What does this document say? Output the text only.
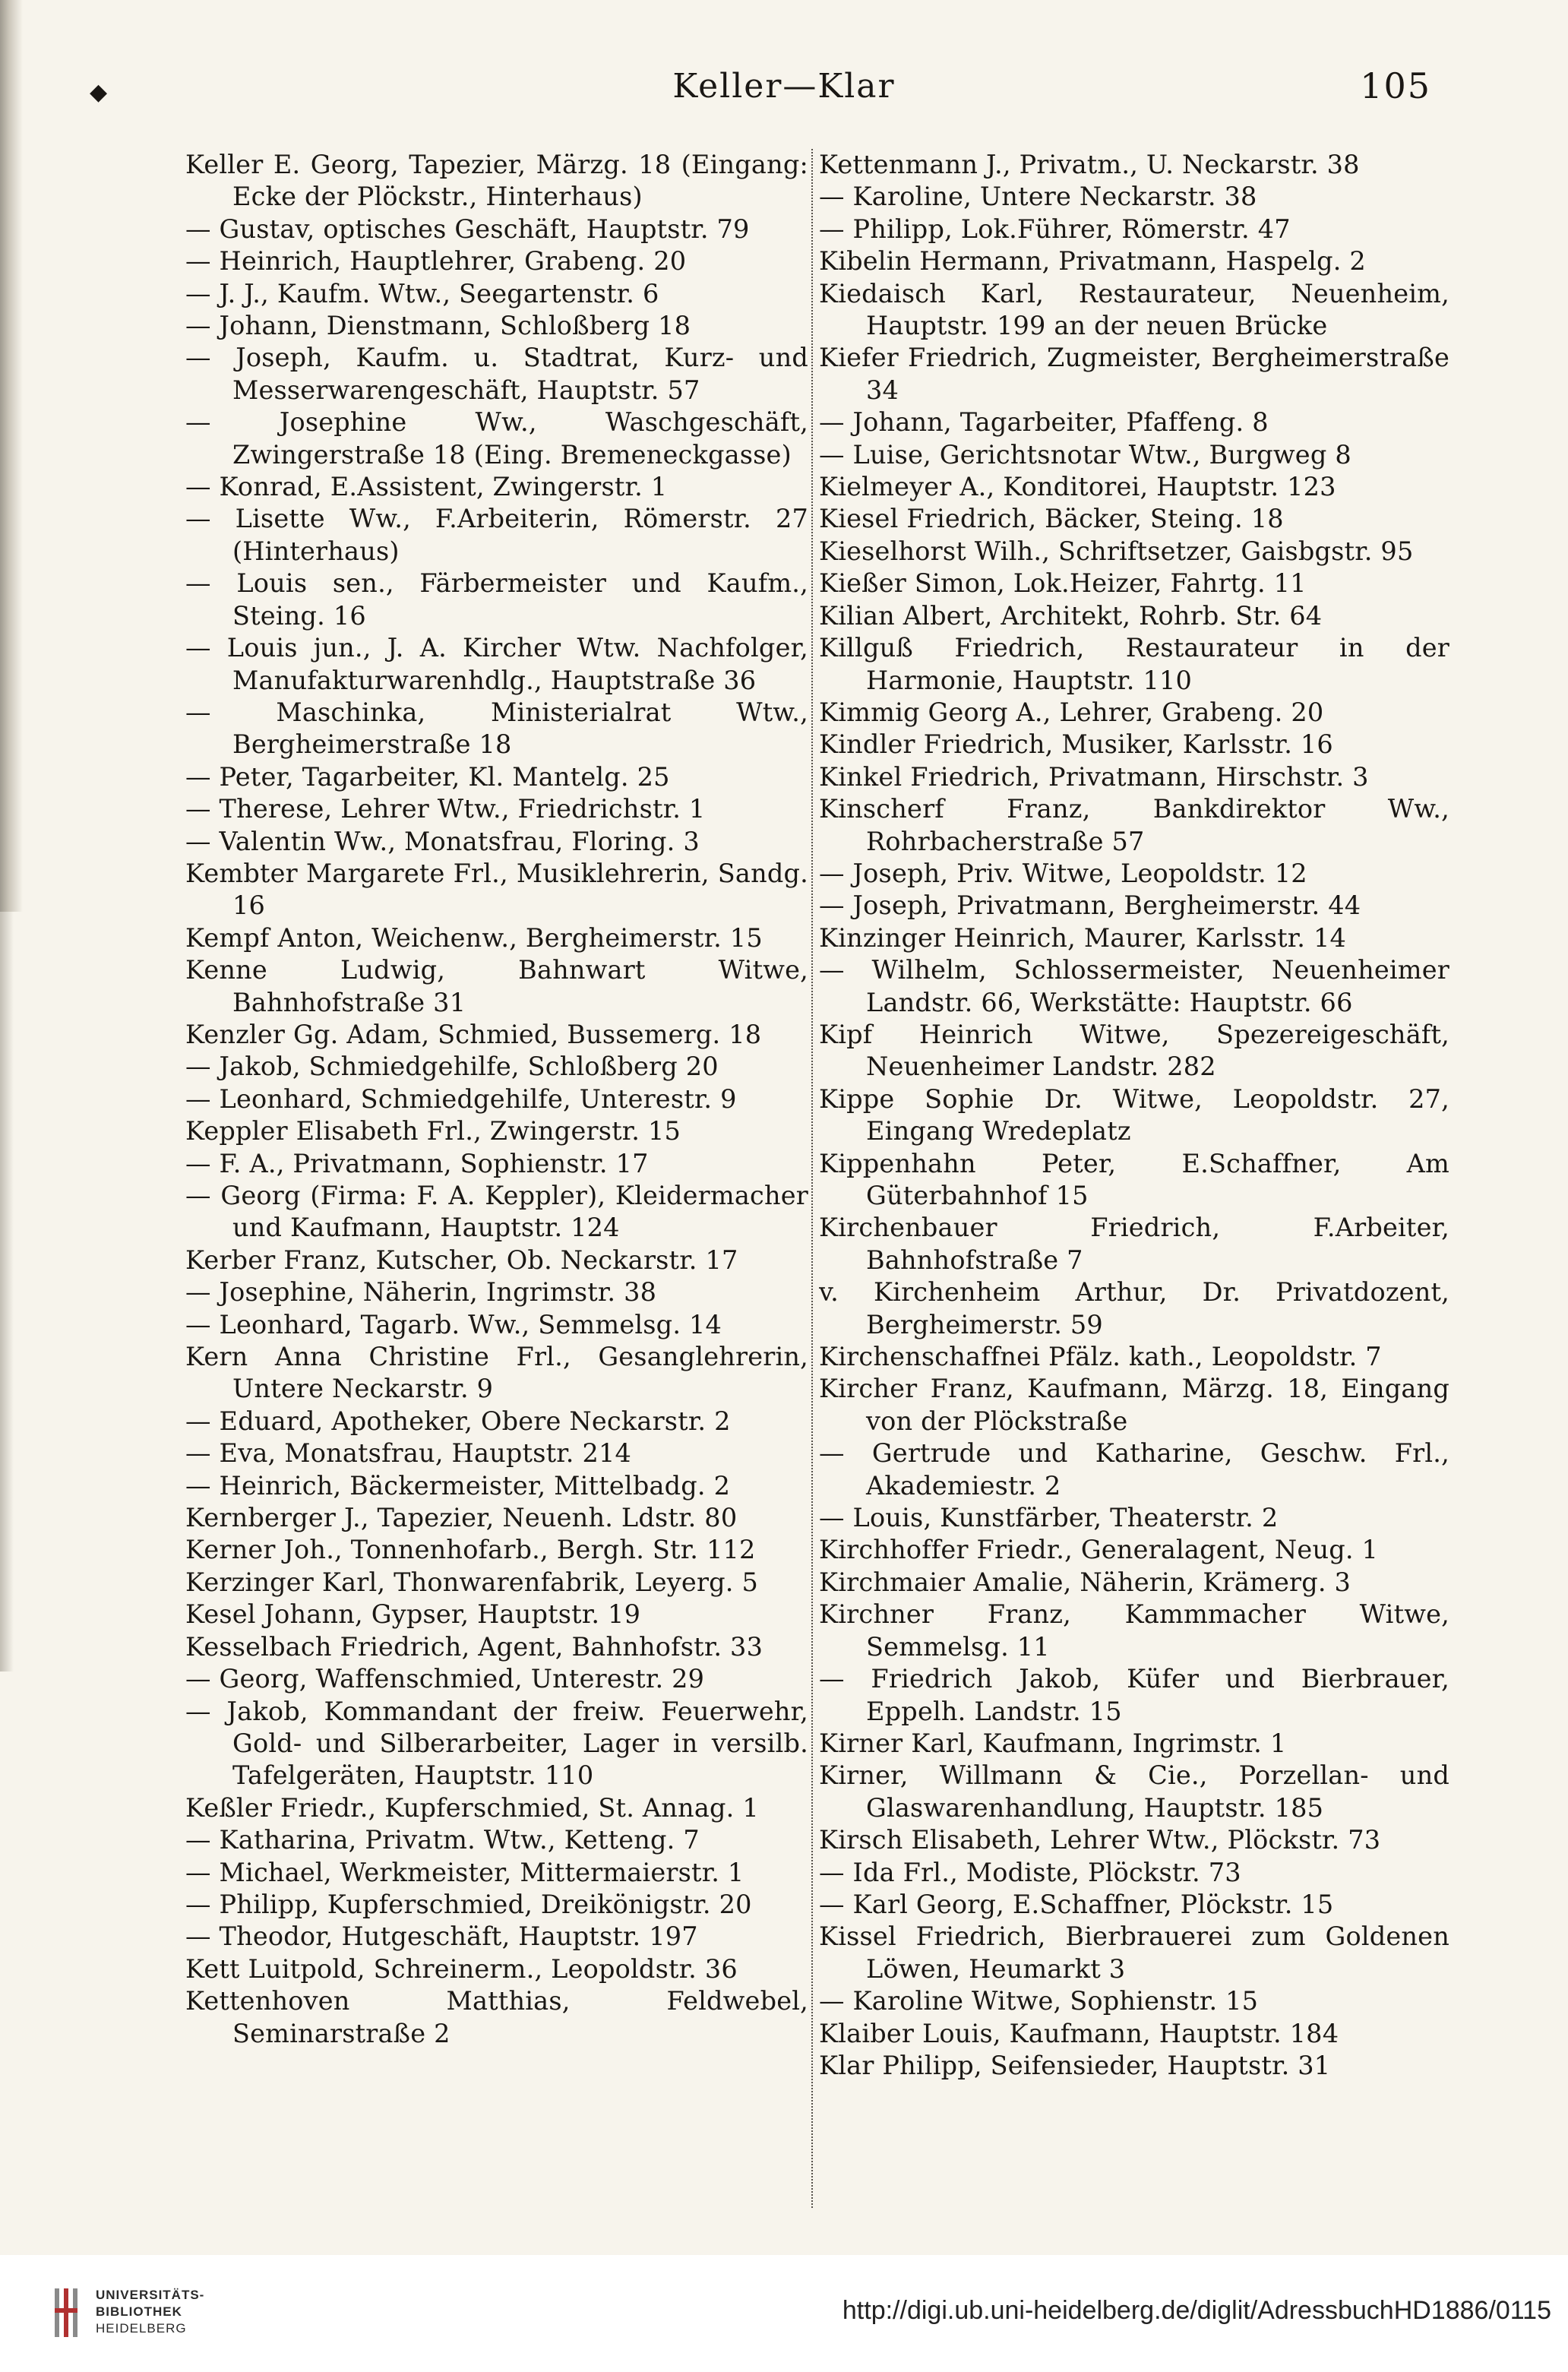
◆	Keller—Klar	105
Keller E. Georg, Tapezier, Märzg. 18 (Eingang: Ecke der Plöckstr., Hinterhaus)
— Gustav, optisches Geschäft, Hauptstr. 79
— Heinrich, Hauptlehrer, Grabeng. 20
— J. J., Kaufm. Wtw., Seegartenstr. 6
— Johann, Dienstmann, Schloßberg 18
— Joseph, Kaufm. u. Stadtrat, Kurz- und Messerwarengeschäft, Hauptstr. 57
— Josephine Ww., Waschgeschäft, Zwingerstraße 18 (Eing. Bremeneckgasse)
— Konrad, E.Assistent, Zwingerstr. 1
— Lisette Ww., F.Arbeiterin, Römerstr. 27 (Hinterhaus)
— Louis sen., Färbermeister und Kaufm., Steing. 16
— Louis jun., J. A. Kircher Wtw. Nachfolger, Manufakturwarenhdlg., Hauptstraße 36
— Maschinka, Ministerialrat Wtw., Bergheimerstraße 18
— Peter, Tagarbeiter, Kl. Mantelg. 25
— Therese, Lehrer Wtw., Friedrichstr. 1
— Valentin Ww., Monatsfrau, Floring. 3
Kembter Margarete Frl., Musiklehrerin, Sandg. 16
Kempf Anton, Weichenw., Bergheimerstr. 15
Kenne Ludwig, Bahnwart Witwe, Bahnhofstraße 31
Kenzler Gg. Adam, Schmied, Bussemerg. 18
— Jakob, Schmiedgehilfe, Schloßberg 20
— Leonhard, Schmiedgehilfe, Unterestr. 9
Keppler Elisabeth Frl., Zwingerstr. 15
— F. A., Privatmann, Sophienstr. 17
— Georg (Firma: F. A. Keppler), Kleidermacher und Kaufmann, Hauptstr. 124
Kerber Franz, Kutscher, Ob. Neckarstr. 17
— Josephine, Näherin, Ingrimstr. 38
— Leonhard, Tagarb. Ww., Semmelsg. 14
Kern Anna Christine Frl., Gesanglehrerin, Untere Neckarstr. 9
— Eduard, Apotheker, Obere Neckarstr. 2
— Eva, Monatsfrau, Hauptstr. 214
— Heinrich, Bäckermeister, Mittelbadg. 2
Kernberger J., Tapezier, Neuenh. Ldstr. 80
Kerner Joh., Tonnenhofarb., Bergh. Str. 112
Kerzinger Karl, Thonwarenfabrik, Leyerg. 5
Kesel Johann, Gypser, Hauptstr. 19
Kesselbach Friedrich, Agent, Bahnhofstr. 33
— Georg, Waffenschmied, Unterestr. 29
— Jakob, Kommandant der freiw. Feuerwehr, Gold- und Silberarbeiter, Lager in versilb. Tafelgeräten, Hauptstr. 110
Keßler Friedr., Kupferschmied, St. Annag. 1
— Katharina, Privatm. Wtw., Ketteng. 7
— Michael, Werkmeister, Mittermaierstr. 1
— Philipp, Kupferschmied, Dreikönigstr. 20
— Theodor, Hutgeschäft, Hauptstr. 197
Kett Luitpold, Schreinerm., Leopoldstr. 36
Kettenhoven Matthias, Feldwebel, Seminarstraße 2
Kettenmann J., Privatm., U. Neckarstr. 38
— Karoline, Untere Neckarstr. 38
— Philipp, Lok.Führer, Römerstr. 47
Kibelin Hermann, Privatmann, Haspelg. 2
Kiedaisch Karl, Restaurateur, Neuenheim, Hauptstr. 199 an der neuen Brücke
Kiefer Friedrich, Zugmeister, Bergheimerstraße 34
— Johann, Tagarbeiter, Pfaffeng. 8
— Luise, Gerichtsnotar Wtw., Burgweg 8
Kielmeyer A., Konditorei, Hauptstr. 123
Kiesel Friedrich, Bäcker, Steing. 18
Kieselhorst Wilh., Schriftsetzer, Gaisbgstr. 95
Kießer Simon, Lok.Heizer, Fahrtg. 11
Kilian Albert, Architekt, Rohrb. Str. 64
Killguß Friedrich, Restaurateur in der Harmonie, Hauptstr. 110
Kimmig Georg A., Lehrer, Grabeng. 20
Kindler Friedrich, Musiker, Karlsstr. 16
Kinkel Friedrich, Privatmann, Hirschstr. 3
Kinscherf Franz, Bankdirektor Ww., Rohrbacherstraße 57
— Joseph, Priv. Witwe, Leopoldstr. 12
— Joseph, Privatmann, Bergheimerstr. 44
Kinzinger Heinrich, Maurer, Karlsstr. 14
— Wilhelm, Schlossermeister, Neuenheimer Landstr. 66, Werkstätte: Hauptstr. 66
Kipf Heinrich Witwe, Spezereigeschäft, Neuenheimer Landstr. 282
Kippe Sophie Dr. Witwe, Leopoldstr. 27, Eingang Wredeplatz
Kippenhahn Peter, E.Schaffner, Am Güterbahnhof 15
Kirchenbauer Friedrich, F.Arbeiter, Bahnhofstraße 7
v. Kirchenheim Arthur, Dr. Privatdozent, Bergheimerstr. 59
Kirchenschaffnei Pfälz. kath., Leopoldstr. 7
Kircher Franz, Kaufmann, Märzg. 18, Eingang von der Plöckstraße
— Gertrude und Katharine, Geschw. Frl., Akademiestr. 2
— Louis, Kunstfärber, Theaterstr. 2
Kirchhoffer Friedr., Generalagent, Neug. 1
Kirchmaier Amalie, Näherin, Krämerg. 3
Kirchner Franz, Kammmacher Witwe, Semmelsg. 11
— Friedrich Jakob, Küfer und Bierbrauer, Eppelh. Landstr. 15
Kirner Karl, Kaufmann, Ingrimstr. 1
Kirner, Willmann & Cie., Porzellan- und Glaswarenhandlung, Hauptstr. 185
Kirsch Elisabeth, Lehrer Wtw., Plöckstr. 73
— Ida Frl., Modiste, Plöckstr. 73
— Karl Georg, E.Schaffner, Plöckstr. 15
Kissel Friedrich, Bierbrauerei zum Goldenen Löwen, Heumarkt 3
— Karoline Witwe, Sophienstr. 15
Klaiber Louis, Kaufmann, Hauptstr. 184
Klar Philipp, Seifensieder, Hauptstr. 31
UNIVERSITÄTS-
BIBLIOTHEK
HEIDELBERG
http://digi.ub.uni-heidelberg.de/diglit/AdressbuchHD1886/0115
